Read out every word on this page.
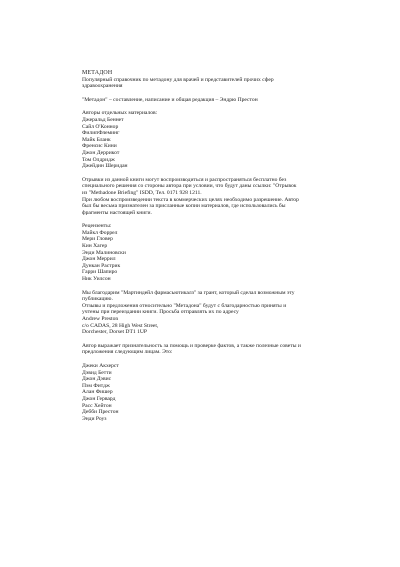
МЕТАДОН

Популярный справочник по метадону для врачей и представителей прочих сфер
здравоохранения
"Метадон" – составление, написание и общая редакция – Эндрю Престон
Авторы отдельных материалов:
Джеральд Беннет
Сайл О'Коннор
ФилипФлеминг
Майк Бланк
Френсис Кини
Джон Деррикот
Том Олдридж
Джейдин Шеридан
Отрывки из данной книги могут воспроизводиться и распространяться бесплатно без
специального решения со стороны автора при условии, что будут даны ссылки: "Отрывок
из "Methadone Briefing" ISDD, Тел. 0171 928 1211.
При любом воспроизведении текста в коммерческих целях необходимо разрешение. Автор
был бы весьма признателен за присланные копии материалов, где использовались бы
фрагменты настоящей книги.
Рецензенты:
Майкл Форрел
Мери Гловер
Кин Хагер
Энди Малиновски
Джон Меррил
Дункан Растрик
Гарри Шапиро
Ник Уилсон
Мы благодарим "Мартиндейл фармасьютикалз" за грант, который сделал возможным эту
публикацию.
Отзывы и предложения относительно "Метадона" будут с благодарностью приняты и
учтены при переиздании книги. Просьба отправлять их по адресу
Andrew Preston
c/o CADAS, 28 High West Street,
Dorchester, Dorset DT1 1UP
Автор выражает признательность за помощь и проверке фактов, а также полезные советы и
предложения следующим лицам. Это:
Джеки Акхерст
Дэвид Бетти
Джон Дэвис
Пэм Фитдж
Алан Фишер
Джон Гервард
Расс Хейтон
Дебби Престон
Энди Роуз
